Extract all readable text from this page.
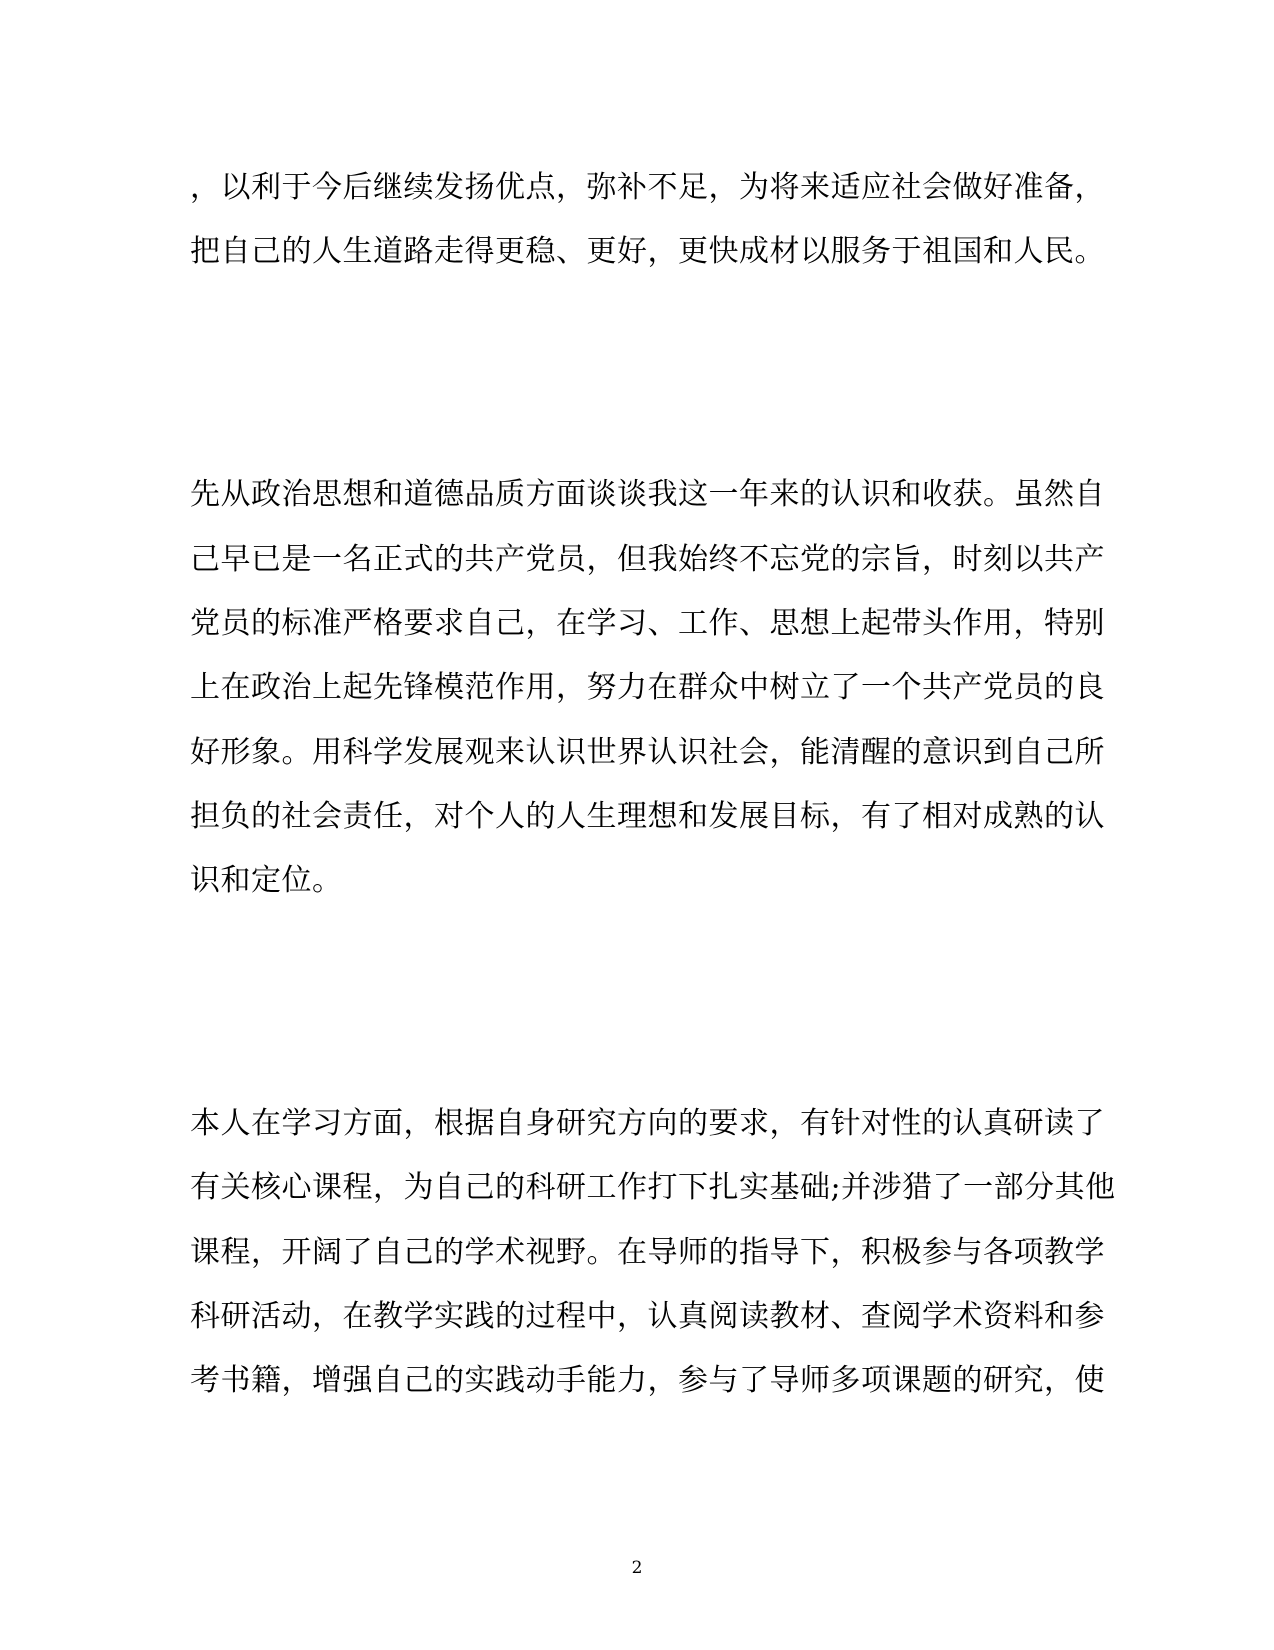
，以利于今后继续发扬优点，弥补不足，为将来适应社会做好准备，
把自己的人生道路走得更稳、更好，更快成材以服务于祖国和人民。
先从政治思想和道德品质方面谈谈我这一年来的认识和收获。虽然自
己早已是一名正式的共产党员，但我始终不忘党的宗旨，时刻以共产
党员的标准严格要求自己，在学习、工作、思想上起带头作用，特别
上在政治上起先锋模范作用，努力在群众中树立了一个共产党员的良
好形象。用科学发展观来认识世界认识社会，能清醒的意识到自己所
担负的社会责任，对个人的人生理想和发展目标，有了相对成熟的认
识和定位。
本人在学习方面，根据自身研究方向的要求，有针对性的认真研读了
有关核心课程，为自己的科研工作打下扎实基础;并涉猎了一部分其他
课程，开阔了自己的学术视野。在导师的指导下，积极参与各项教学
科研活动，在教学实践的过程中，认真阅读教材、查阅学术资料和参
考书籍，增强自己的实践动手能力，参与了导师多项课题的研究，使
2
